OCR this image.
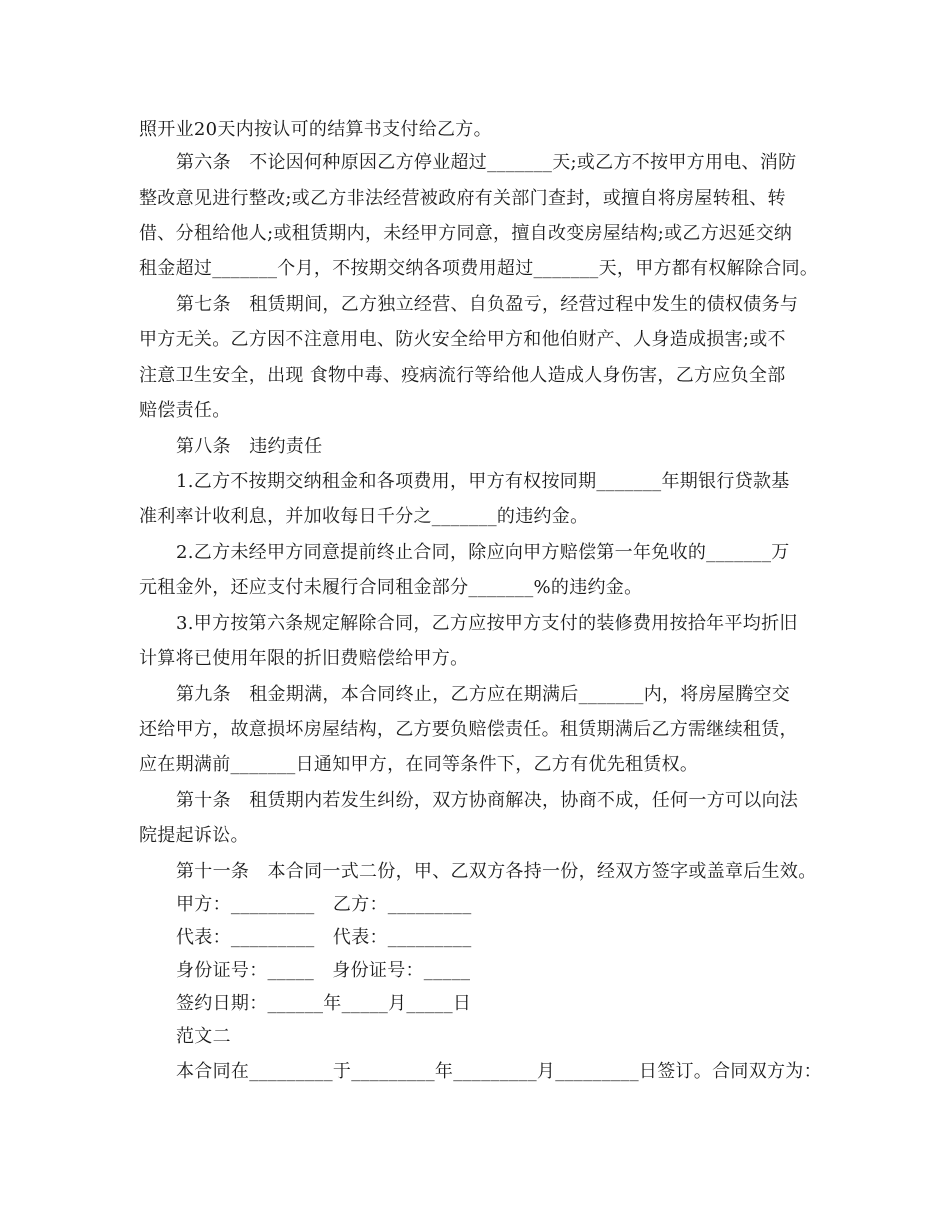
照开业20天内按认可的结算书支付给乙方。
第六条　不论因何种原因乙方停业超过_______天;或乙方不按甲方用电、消防
整改意见进行整改;或乙方非法经营被政府有关部门查封，或擅自将房屋转租、转
借、分租给他人;或租赁期内，未经甲方同意，擅自改变房屋结构;或乙方迟延交纳
租金超过_______个月，不按期交纳各项费用超过_______天，甲方都有权解除合同。
第七条　租赁期间，乙方独立经营、自负盈亏，经营过程中发生的债权债务与
甲方无关。乙方因不注意用电、防火安全给甲方和他伯财产、人身造成损害;或不
注意卫生安全，出现 食物中毒、疫病流行等给他人造成人身伤害，乙方应负全部
赔偿责任。
第八条　违约责任
1.乙方不按期交纳租金和各项费用，甲方有权按同期_______年期银行贷款基
准利率计收利息，并加收每日千分之_______的违约金。
2.乙方未经甲方同意提前终止合同，除应向甲方赔偿第一年免收的_______万
元租金外，还应支付未履行合同租金部分_______%的违约金。
3.甲方按第六条规定解除合同，乙方应按甲方支付的装修费用按拾年平均折旧
计算将已使用年限的折旧费赔偿给甲方。
第九条　租金期满，本合同终止，乙方应在期满后_______内，将房屋腾空交
还给甲方，故意损坏房屋结构，乙方要负赔偿责任。租赁期满后乙方需继续租赁，
应在期满前_______日通知甲方，在同等条件下，乙方有优先租赁权。
第十条　租赁期内若发生纠纷，双方协商解决，协商不成，任何一方可以向法
院提起诉讼。
第十一条　本合同一式二份，甲、乙双方各持一份，经双方签字或盖章后生效。
甲方：_________　乙方：_________
代表：_________　代表：_________
身份证号：_____　身份证号：_____
签约日期：______年_____月_____日
范文二
本合同在_________于_________年_________月_________日签订。合同双方为：
